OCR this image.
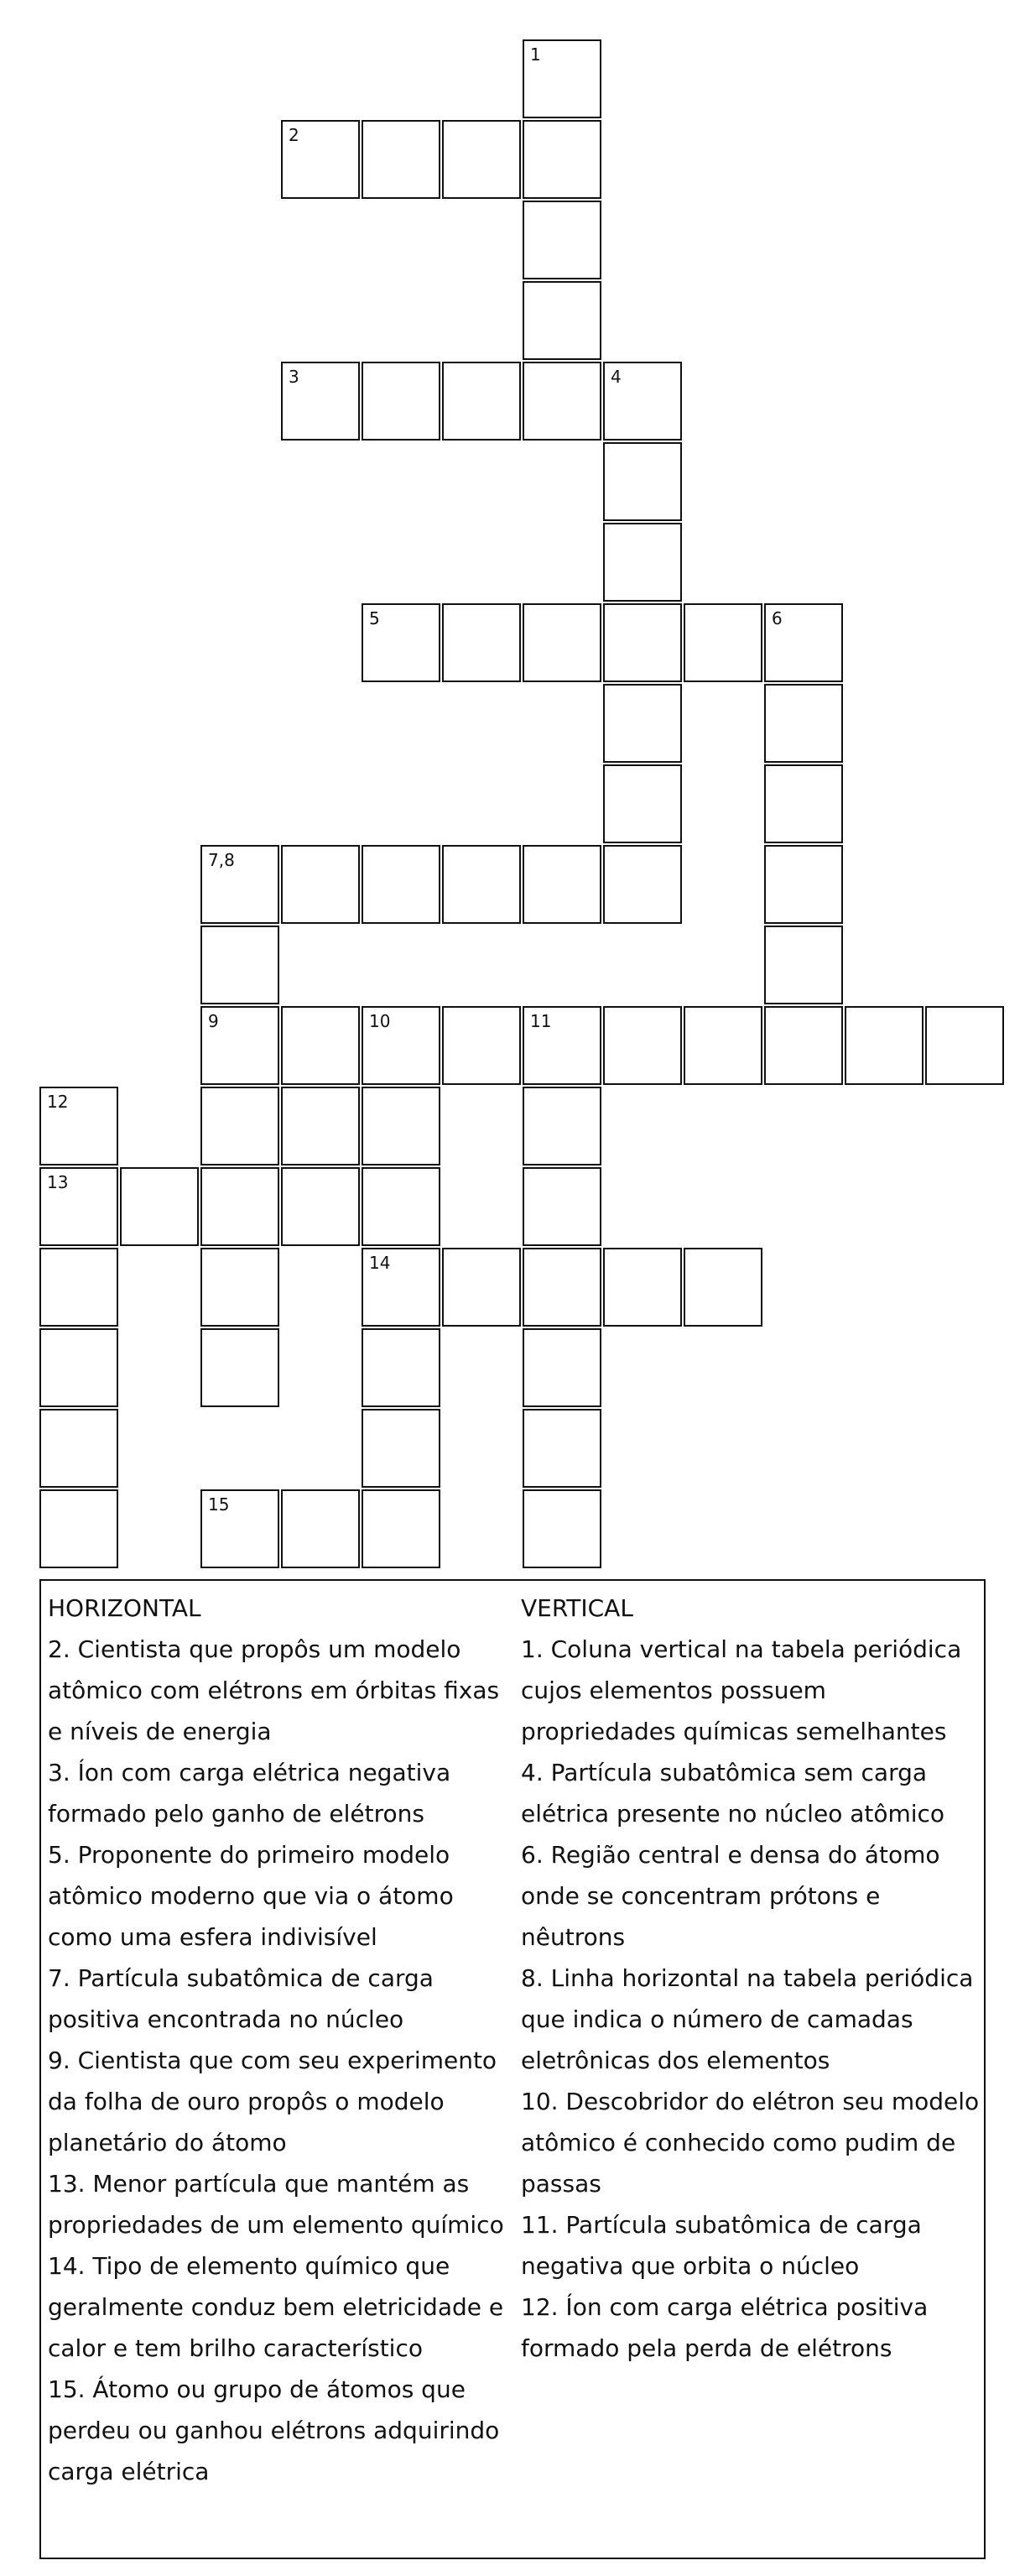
1
2
3	4
5	6
7,8
9	10	11
12
13
14
15
HORIZONTAL
2. Cientista que propôs um modelo atômico com elétrons em órbitas fixas e níveis de energia
3. Íon com carga elétrica negativa formado pelo ganho de elétrons
5. Proponente do primeiro modelo atômico moderno que via o átomo como uma esfera indivisível
7. Partícula subatômica de carga positiva encontrada no núcleo
9. Cientista que com seu experimento da folha de ouro propôs o modelo planetário do átomo
13. Menor partícula que mantém as propriedades de um elemento químico
14. Tipo de elemento químico que geralmente conduz bem eletricidade e calor e tem brilho característico
15. Átomo ou grupo de átomos que perdeu ou ganhou elétrons adquirindo carga elétrica
VERTICAL
1. Coluna vertical na tabela periódica cujos elementos possuem propriedades químicas semelhantes
4. Partícula subatômica sem carga elétrica presente no núcleo atômico
6. Região central e densa do átomo onde se concentram prótons e nêutrons
8. Linha horizontal na tabela periódica que indica o número de camadas eletrônicas dos elementos
10. Descobridor do elétron seu modelo atômico é conhecido como pudim de passas
11. Partícula subatômica de carga negativa que orbita o núcleo
12. Íon com carga elétrica positiva formado pela perda de elétrons
